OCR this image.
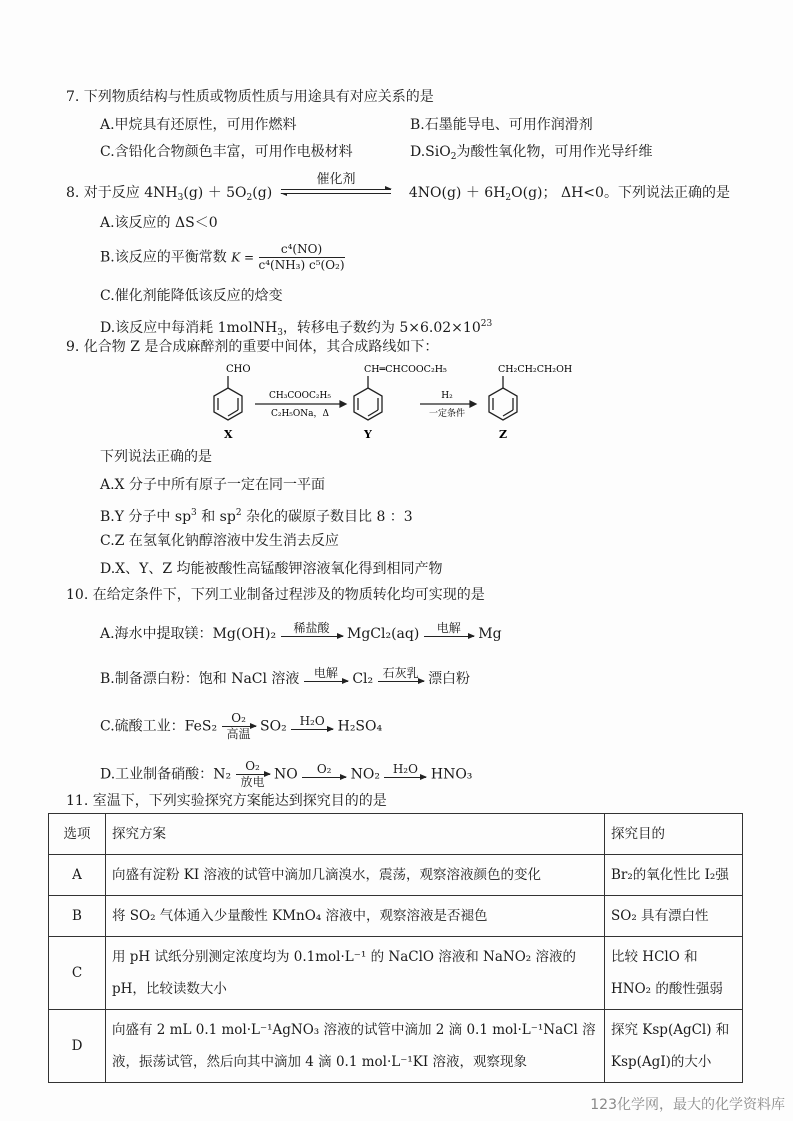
7. 下列物质结构与性质或物质性质与用途具有对应关系的是
A.甲烷具有还原性，可用作燃料	B.石墨能导电、可用作润滑剂
C.含铅化合物颜色丰富，可用作电极材料	D.SiO$_2$为酸性氧化物，可用作光导纤维
8. 对于反应 $4NH_3(g) + 5O_2(g)$
催化剂
$4NO(g) + 6H_2O(g)$； ΔH<0。下列说法正确的是
A.该反应的 ΔS＜0
B.该反应的平衡常数 $K = \frac{\text{c⁴(NO)}}{\text{c⁴(NH₃) c⁵(O₂)}}$
C.催化剂能降低该反应的焓变
D.该反应中每消耗 1molNH$_3$，转移电子数约为 $5\times 6.02\times 10^{23}$
9. 化合物 Z 是合成麻醉剂的重要中间体，其合成路线如下：
CHO
X
CH₃COOC₂H₅
C₂H₅ONa，Δ
CH═CHCOOC₂H₅
Y
H₂
一定条件
CH₂CH₂CH₂OH
Z
下列说法正确的是
A.X 分子中所有原子一定在同一平面
B.Y 分子中 $sp^3$ 和 $sp^2$ 杂化的碳原子数目比 8 ：3
C.Z 在氢氧化钠醇溶液中发生消去反应
D.X、Y、Z 均能被酸性高锰酸钾溶液氧化得到相同产物
10. 在给定条件下，下列工业制备过程涉及的物质转化均可实现的是
A.海水中提取镁：Mg(OH)₂	稀盐酸	MgCl₂(aq)	电解	Mg
B.制备漂白粉：饱和 NaCl 溶液	电解	Cl₂ 石灰乳 漂白粉
C.硫酸工业：FeS₂
O₂
高温 SO₂	H₂O H₂SO₄
D.工业制备硝酸：N₂
O₂
放电 NO	O₂	NO₂	H₂O HNO₃
11. 室温下，下列实验探究方案能达到探究目的的是
选项	探究方案	探究目的
A	向盛有淀粉 KI 溶液的试管中滴加几滴溴水，震荡，观察溶液颜色的变化	Br₂的氧化性比 I₂强
B	将 SO₂ 气体通入少量酸性 KMnO₄ 溶液中，观察溶液是否褪色	SO₂ 具有漂白性
C	用 pH 试纸分别测定浓度均为 0.1mol·L⁻¹ 的 NaClO 溶液和 NaNO₂ 溶液的 pH，比较读数大小	比较 HClO 和 HNO₂ 的酸性强弱
D	向盛有 2 mL 0.1 mol·L⁻¹AgNO₃ 溶液的试管中滴加 2 滴 0.1 mol·L⁻¹NaCl 溶液，振荡试管，然后向其中滴加 4 滴 0.1 mol·L⁻¹KI 溶液，观察现象	探究 Ksp(AgCl) 和 Ksp(AgI)的大小
123化学网，最大的化学资料库
